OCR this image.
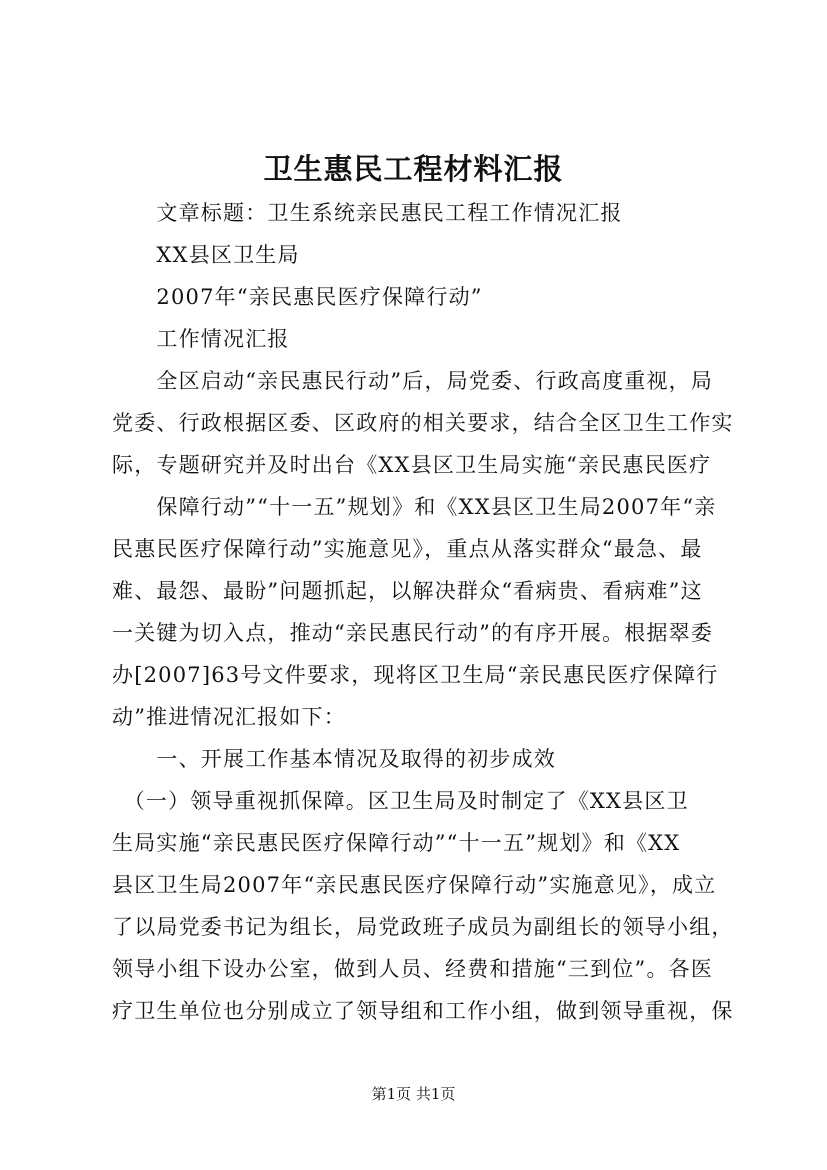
卫生惠民工程材料汇报
　　文章标题：卫生系统亲民惠民工程工作情况汇报
　　XX县区卫生局
　　2007年“亲民惠民医疗保障行动”
　　工作情况汇报
　　全区启动“亲民惠民行动”后，局党委、行政高度重视，局
党委、行政根据区委、区政府的相关要求，结合全区卫生工作实
际，专题研究并及时出台《XX县区卫生局实施“亲民惠民医疗
　　保障行动”“十一五”规划》和《XX县区卫生局2007年“亲
民惠民医疗保障行动”实施意见》，重点从落实群众“最急、最
难、最怨、最盼”问题抓起，以解决群众“看病贵、看病难”这
一关键为切入点，推动“亲民惠民行动”的有序开展。根据翠委
办[2007]63号文件要求，现将区卫生局“亲民惠民医疗保障行
动”推进情况汇报如下：
　　一、开展工作基本情况及取得的初步成效
　（一）领导重视抓保障。区卫生局及时制定了《XX县区卫
生局实施“亲民惠民医疗保障行动”“十一五”规划》和《XX
县区卫生局2007年“亲民惠民医疗保障行动”实施意见》，成立
了以局党委书记为组长，局党政班子成员为副组长的领导小组，
领导小组下设办公室，做到人员、经费和措施“三到位”。各医
疗卫生单位也分别成立了领导组和工作小组，做到领导重视，保
第1页 共1页
